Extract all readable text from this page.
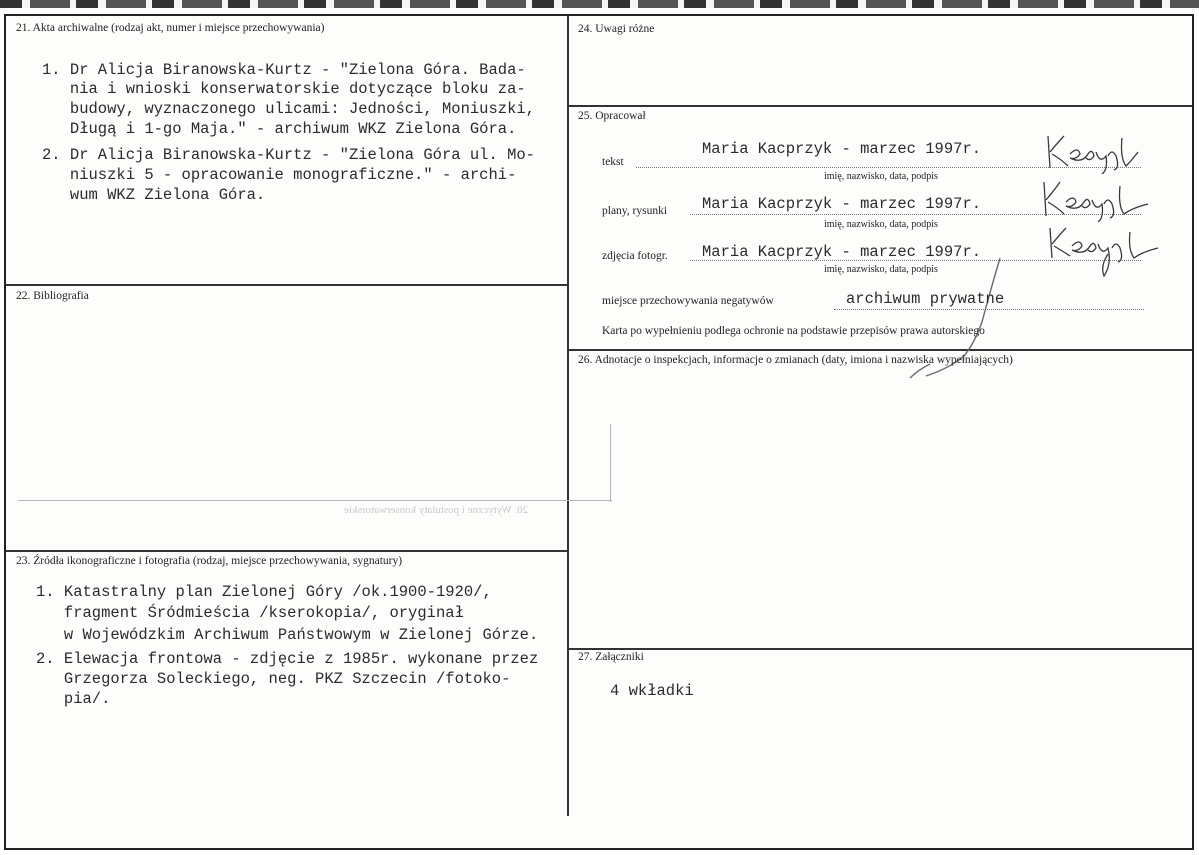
21. Akta archiwalne (rodzaj akt, numer i miejsce przechowywania)
1. Dr Alicja Biranowska-Kurtz - "Zielona Góra. Bada-
nia i wnioski konserwatorskie dotyczące bloku za-
budowy, wyznaczonego ulicami: Jedności, Moniuszki,
Długą i 1-go Maja." - archiwum WKZ Zielona Góra.
2. Dr Alicja Biranowska-Kurtz - "Zielona Góra ul. Mo-
niuszki 5 - opracowanie monograficzne." - archi-
wum WKZ Zielona Góra.
22. Bibliografia
20. Wytyczne i postulaty konserwatorskie
23. Źródła ikonograficzne i fotografia (rodzaj, miejsce przechowywania, sygnatury)
1. Katastralny plan Zielonej Góry /ok.1900-1920/,
fragment Śródmieścia /kserokopia/, oryginał
w Wojewódzkim Archiwum Państwowym w Zielonej Górze.
2. Elewacja frontowa - zdjęcie z 1985r. wykonane przez
Grzegorza Soleckiego, neg. PKZ Szczecin /fotoko-
pia/.
24. Uwagi różne
25. Opracował
tekst
Maria Kacprzyk - marzec 1997r.
imię, nazwisko, data, podpis
plany, rysunki Maria Kacprzyk - marzec 1997r.
imię, nazwisko, data, podpis
zdjęcia fotogr. Maria Kacprzyk - marzec 1997r.
imię, nazwisko, data, podpis
miejsce przechowywania negatywów	archiwum prywatne
Karta po wypełnieniu podlega ochronie na podstawie przepisów prawa autorskiego
26. Adnotacje o inspekcjach, informacje o zmianach (daty, imiona i nazwiska wypełniających)
27. Załączniki
4 wkładki
